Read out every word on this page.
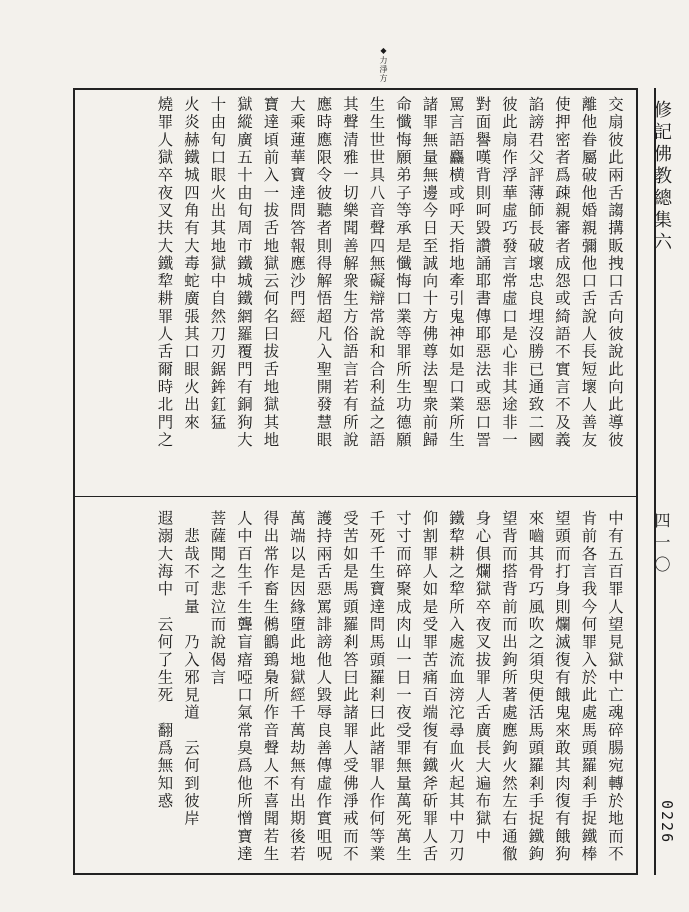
◆力淨方
修記佛教總集六
四一〇
0226
交扇彼此兩舌謅搆販拽口舌向彼說此向此導彼
離他眷屬破他婚親彌他口舌說人長短壞人善友
使押密者爲疎親審者成怨或綺語不實言不及義
諂謗君父評薄師長破壞忠良埋沒勝已通致二國
彼此扇作浮華虛巧發言常虛口是心非其途非一
對面譽嘆背則呵毀讚誦耶書傳耶惡法或惡口詈
罵言語麤横或呼天指地牽引鬼神如是口業所生
諸罪無量無邊今日至誠向十方佛尊法聖衆前歸
命懺悔願弟子等承是懺悔口業等罪所生功德願
生生世世具八音聲四無礙辯常說和合利益之語
其聲清雅一切樂聞善解衆生方俗語言若有所說
應時應限令彼聽者則得解悟超凡入聖開發慧眼
大乘蓮華寶達問答報應沙門經
寶達頃前入一拔舌地獄云何名曰拔舌地獄其地
獄縱廣五十由旬周市鐵城鐵網羅覆門有銅狗大
十由旬口眼火出其地獄中自然刀刃鋸鉾釭猛
火炎赫鐵城四角有大毒蛇廣張其口眼火出來
燒罪人獄卒夜叉扶大鐵犂耕罪人舌爾時北門之
中有五百罪人望見獄中亡魂碎腸宛轉於地而不
肯前各言我今何罪入於此處馬頭羅剎手捉鐵棒
望頭而打身則爛滅復有餓鬼來敢其肉復有餓狗
來嚙其骨巧風吹之須臾便活馬頭羅剎手捉鐵鉤
望背而搭背前而出鉤所著處應鉤火然左右通徹
身心俱爛獄卒夜叉拔罪人舌廣長大遍布獄中
鐵犂耕之犂所入處流血滂沱尋血火起其中刀刃
仰割罪人如是受罪苦痛百端復有鐵斧斫罪人舌
寸寸而碎聚成肉山一日一夜受罪無量萬死萬生
千死千生寶達問馬頭羅剎曰此諸罪人作何等業
受苦如是馬頭羅剎答曰此諸罪人受佛淨戒而不
護持兩舌惡罵誹謗他人毀辱良善傳虛作實咀呪
萬端以是因緣墮此地獄經千萬劫無有出期後若
得出常作畜生鵂鶹鵄梟所作音聲人不喜聞若生
人中百生千生聾盲瘖啞口氣常臭爲他所憎寶達
菩薩聞之悲泣而說偈言
　悲哉不可量　乃入邪見道　云何到彼岸
遐溺大海中　云何了生死　翻爲無知惑
